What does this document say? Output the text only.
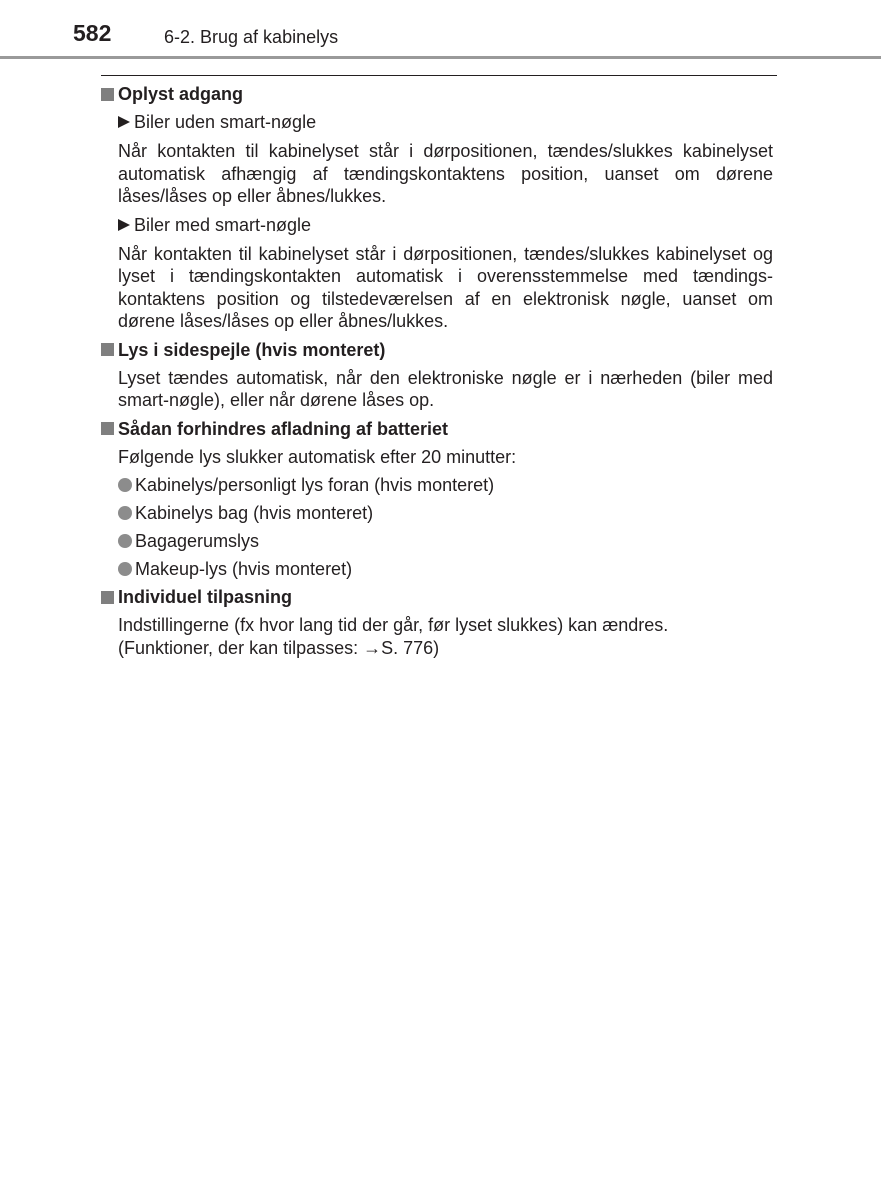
582	6-2. Brug af kabinelys
Oplyst adgang
Biler uden smart-nøgle
Når kontakten til kabinelyset står i dørpositionen, tændes/slukkes kabinelyset automatisk afhængig af tændingskontaktens position, uanset om dørene låses/låses op eller åbnes/lukkes.
Biler med smart-nøgle
Når kontakten til kabinelyset står i dørpositionen, tændes/slukkes kabinelyset og lyset i tændingskontakten automatisk i overensstemmelse med tændings-kontaktens position og tilstedeværelsen af en elektronisk nøgle, uanset om dørene låses/låses op eller åbnes/lukkes.
Lys i sidespejle (hvis monteret)
Lyset tændes automatisk, når den elektroniske nøgle er i nærheden (biler med smart-nøgle), eller når dørene låses op.
Sådan forhindres afladning af batteriet
Følgende lys slukker automatisk efter 20 minutter:
Kabinelys/personligt lys foran (hvis monteret)
Kabinelys bag (hvis monteret)
Bagagerumslys
Makeup-lys (hvis monteret)
Individuel tilpasning
Indstillingerne (fx hvor lang tid der går, før lyset slukkes) kan ændres.
(Funktioner, der kan tilpasses: →S. 776)
